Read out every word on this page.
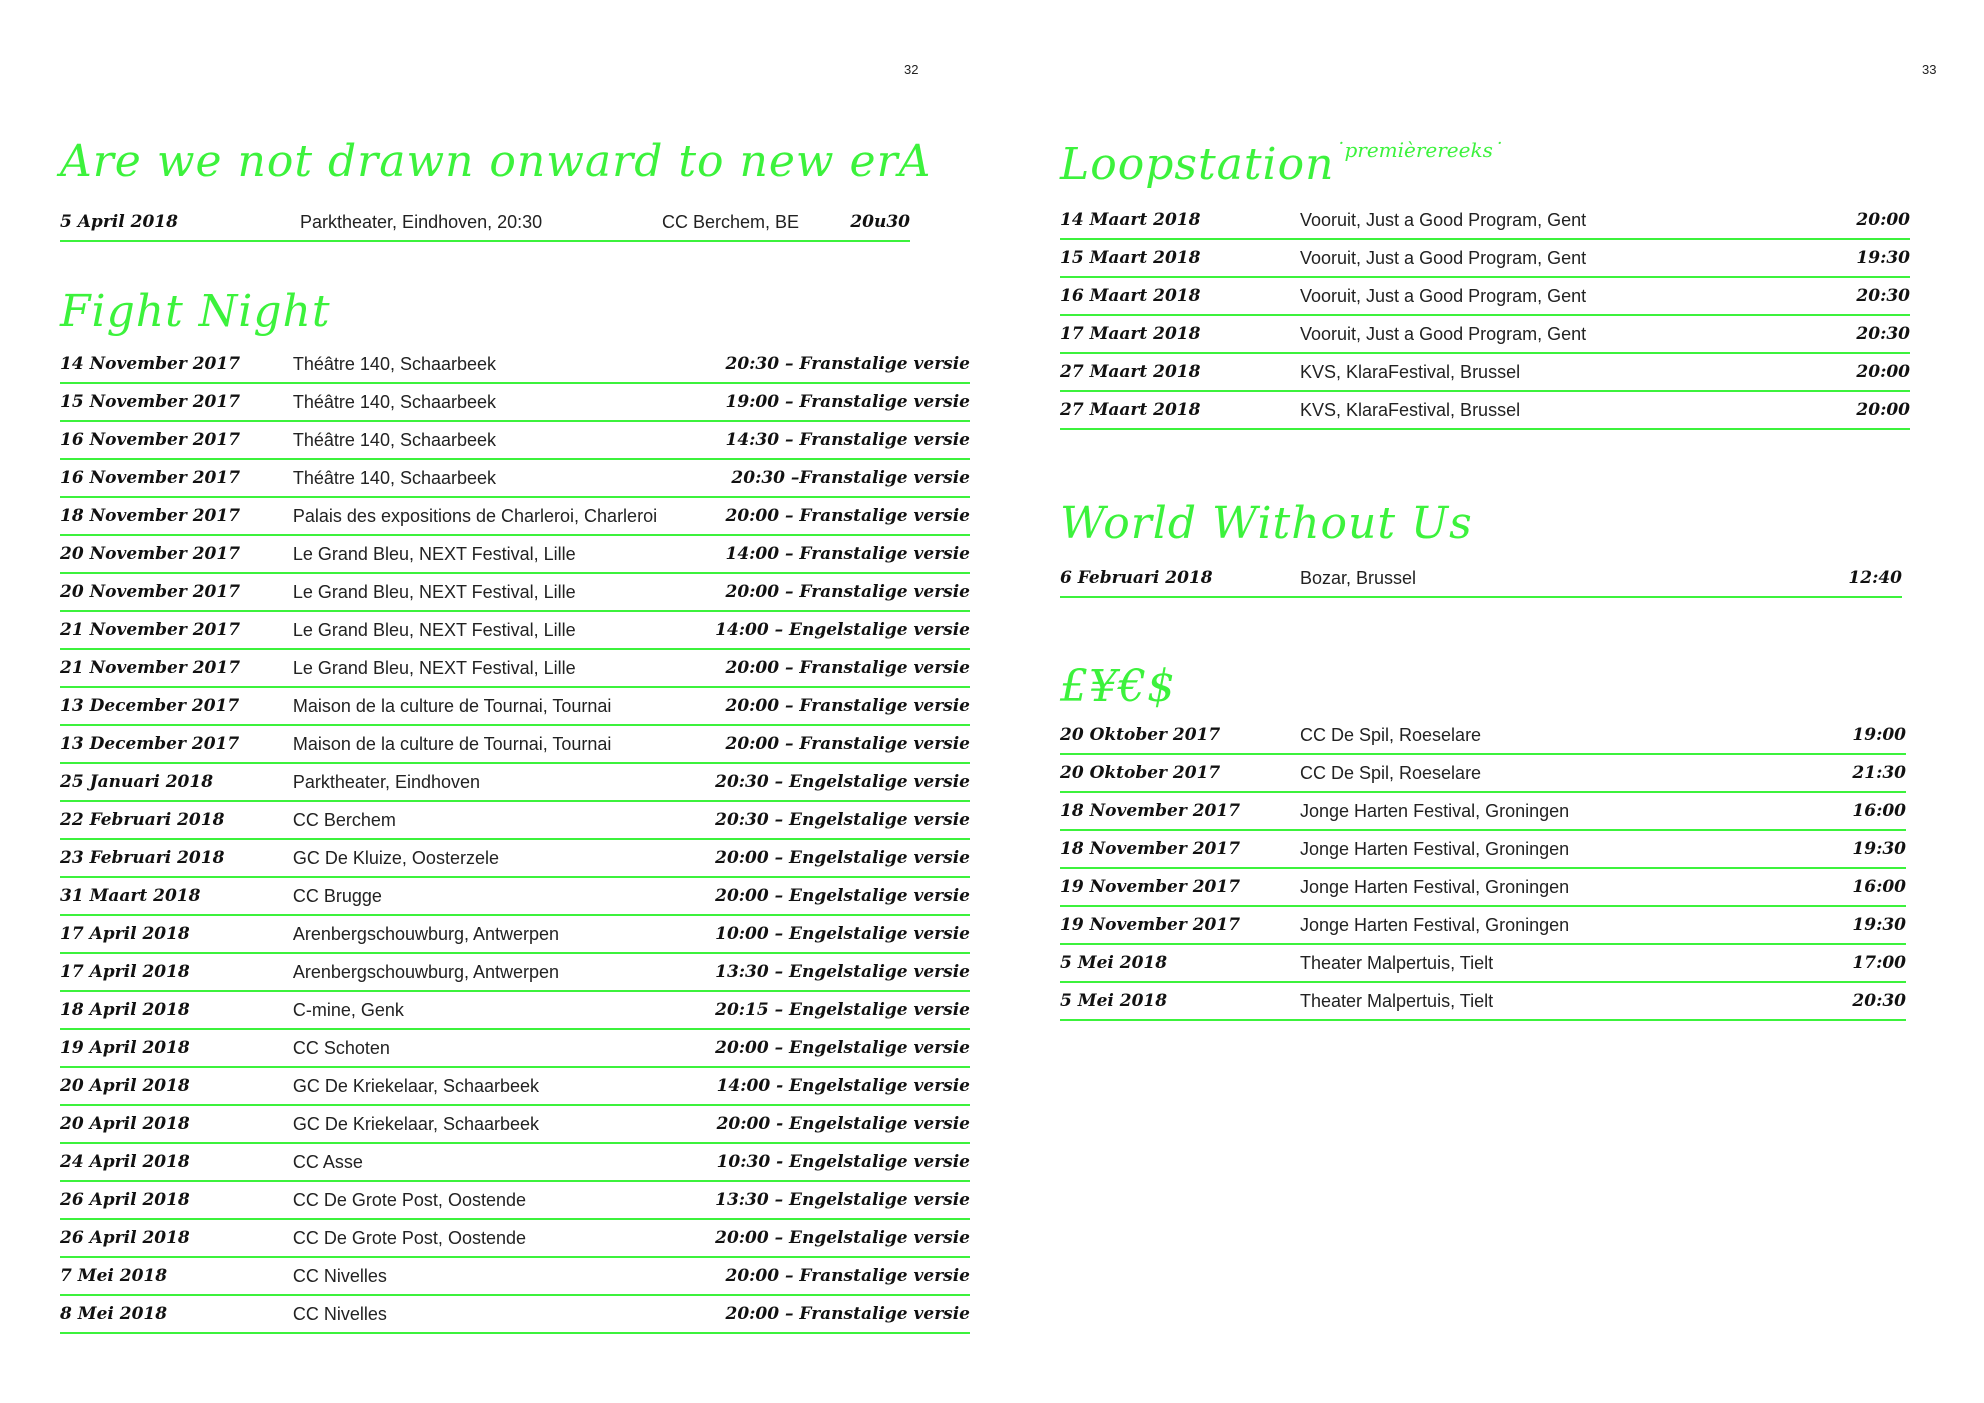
32	33
Are we not drawn onward to new erA
5 April 2018	Parktheater, Eindhoven, 20:30	CC Berchem, BE	20u30
Fight Night
14 November 2017	Théâtre 140, Schaarbeek	20:30 – Franstalige versie
15 November 2017	Théâtre 140, Schaarbeek	19:00 – Franstalige versie
16 November 2017	Théâtre 140, Schaarbeek	14:30 – Franstalige versie
16 November 2017	Théâtre 140, Schaarbeek	20:30 –Franstalige versie
18 November 2017	Palais des expositions de Charleroi, Charleroi	20:00 – Franstalige versie
20 November 2017	Le Grand Bleu, NEXT Festival, Lille	14:00 – Franstalige versie
20 November 2017	Le Grand Bleu, NEXT Festival, Lille	20:00 – Franstalige versie
21 November 2017	Le Grand Bleu, NEXT Festival, Lille	14:00 – Engelstalige versie
21 November 2017	Le Grand Bleu, NEXT Festival, Lille	20:00 – Franstalige versie
13 December 2017	Maison de la culture de Tournai, Tournai	20:00 – Franstalige versie
13 December 2017	Maison de la culture de Tournai, Tournai	20:00 – Franstalige versie
25 Januari 2018	Parktheater, Eindhoven	20:30 – Engelstalige versie
22 Februari 2018	CC Berchem	20:30 – Engelstalige versie
23 Februari 2018	GC De Kluize, Oosterzele	20:00 – Engelstalige versie
31 Maart 2018	CC Brugge	20:00 – Engelstalige versie
17 April 2018	Arenbergschouwburg, Antwerpen	10:00 – Engelstalige versie
17 April 2018	Arenbergschouwburg, Antwerpen	13:30 – Engelstalige versie
18 April 2018	C-mine, Genk	20:15 – Engelstalige versie
19 April 2018	CC Schoten	20:00 – Engelstalige versie
20 April 2018	GC De Kriekelaar, Schaarbeek	14:00 - Engelstalige versie
20 April 2018	GC De Kriekelaar, Schaarbeek	20:00 - Engelstalige versie
24 April 2018	CC Asse	10:30 - Engelstalige versie
26 April 2018	CC De Grote Post, Oostende	13:30 – Engelstalige versie
26 April 2018	CC De Grote Post, Oostende	20:00 – Engelstalige versie
7 Mei 2018	CC Nivelles	20:00 – Franstalige versie
8 Mei 2018	CC Nivelles	20:00 – Franstalige versie
Loopstation$^{˙premièrereeks˙}$
14 Maart 2018	Vooruit, Just a Good Program, Gent	20:00
15 Maart 2018	Vooruit, Just a Good Program, Gent	19:30
16 Maart 2018	Vooruit, Just a Good Program, Gent	20:30
17 Maart 2018	Vooruit, Just a Good Program, Gent	20:30
27 Maart 2018	KVS, KlaraFestival, Brussel	20:00
27 Maart 2018	KVS, KlaraFestival, Brussel	20:00
World Without Us
6 Februari 2018	Bozar, Brussel	12:40
£¥€$
20 Oktober 2017	CC De Spil, Roeselare	19:00
20 Oktober 2017	CC De Spil, Roeselare	21:30
18 November 2017	Jonge Harten Festival, Groningen	16:00
18 November 2017	Jonge Harten Festival, Groningen	19:30
19 November 2017	Jonge Harten Festival, Groningen	16:00
19 November 2017	Jonge Harten Festival, Groningen	19:30
5 Mei 2018	Theater Malpertuis, Tielt	17:00
5 Mei 2018	Theater Malpertuis, Tielt	20:30
